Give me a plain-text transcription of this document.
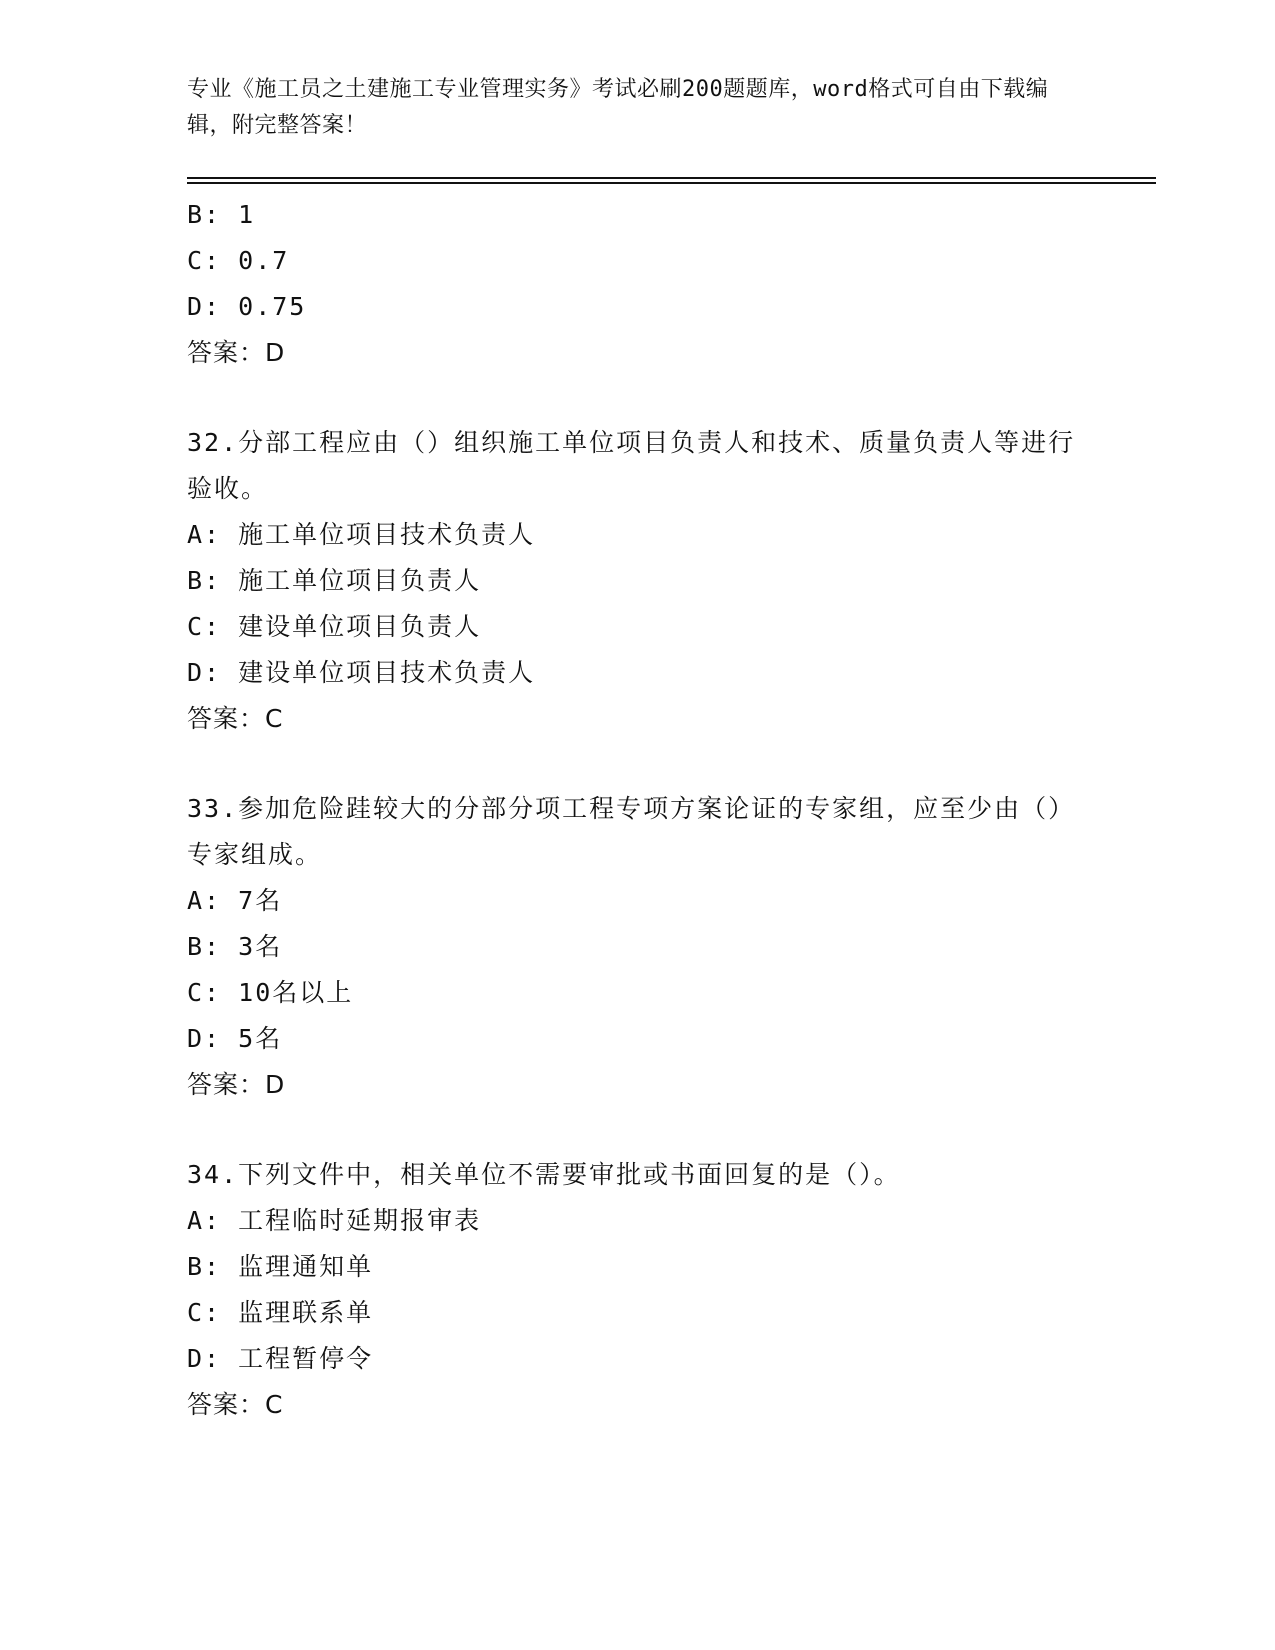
专业《施工员之土建施工专业管理实务》考试必刷200题题库，word格式可自由下载编辑，附完整答案！
B: 1
C: 0.7
D: 0.75
答案：D
32.分部工程应由（）组织施工单位项目负责人和技术、质量负责人等进行验收。
A: 施工单位项目技术负责人
B: 施工单位项目负责人
C: 建设单位项目负责人
D: 建设单位项目技术负责人
答案：C
33.参加危险跬较大的分部分项工程专项方案论证的专家组，应至少由（）专家组成。
A: 7名
B: 3名
C: 10名以上
D: 5名
答案：D
34.下列文件中，相关单位不需要审批或书面回复的是（）。
A: 工程临时延期报审表
B: 监理通知单
C: 监理联系单
D: 工程暂停令
答案：C
